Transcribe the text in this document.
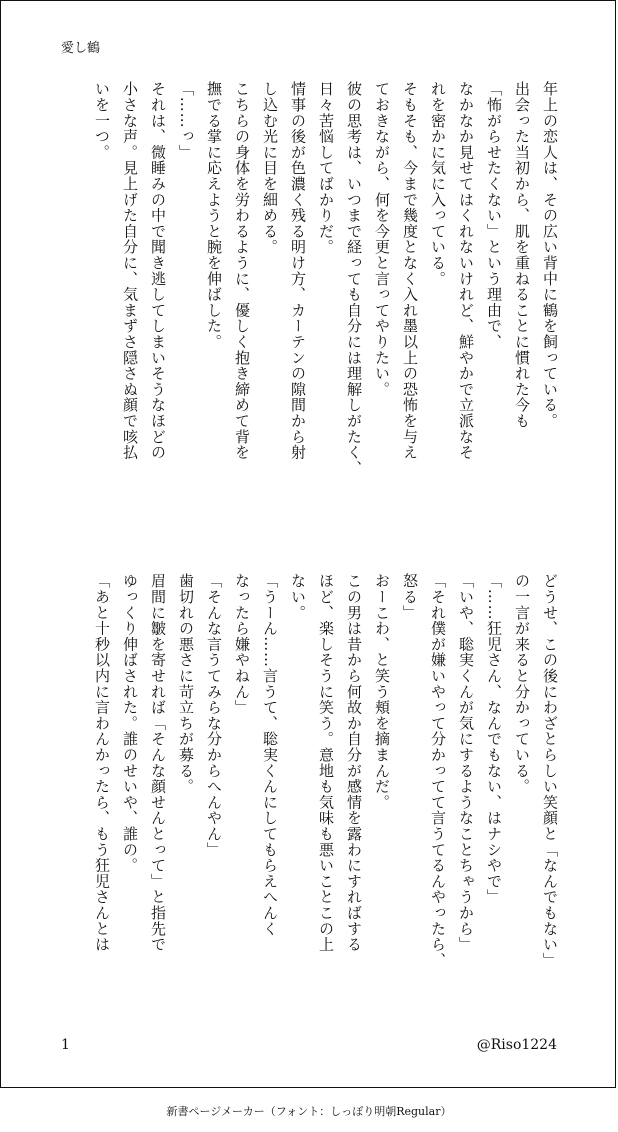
愛し鶴
年上の恋人は、その広い背中に鶴を飼っている。
出会った当初から、肌を重ねることに慣れた今も
「怖がらせたくない」という理由で、
なかなか見せてはくれないけれど、鮮やかで立派なそ
れを密かに気に入っている。
そもそも、今まで幾度となく入れ墨以上の恐怖を与え
ておきながら、何を今更と言ってやりたい。
彼の思考は、いつまで経っても自分には理解しがたく、
日々苦悩してばかりだ。
情事の後が色濃く残る明け方、カーテンの隙間から射
し込む光に目を細める。
こちらの身体を労わるように、優しく抱き締めて背を
撫でる掌に応えようと腕を伸ばした。
「……っ」
それは、微睡みの中で聞き逃してしまいそうなほどの
小さな声。見上げた自分に、気まずさ隠さぬ顔で咳払
いを一つ。
どうせ、この後にわざとらしい笑顔と「なんでもない」
の一言が来ると分かっている。
「……狂児さん、なんでもない、はナシやで」
「いや、聡実くんが気にするようなことちゃうから」
「それ僕が嫌いやって分かってて言うてるんやったら、
怒る」
おーこわ、と笑う頬を摘まんだ。
この男は昔から何故か自分が感情を露わにすればする
ほど、楽しそうに笑う。意地も気味も悪いことこの上
ない。
「うーん……言うて、聡実くんにしてもらえへんく
なったら嫌やねん」
「そんな言うてみらな分からへんやん」
歯切れの悪さに苛立ちが募る。
眉間に皺を寄せれば「そんな顔せんとって」と指先で
ゆっくり伸ばされた。誰のせいや、誰の。
「あと十秒以内に言わんかったら、もう狂児さんとは
1	@Riso1224
新書ページメーカー（フォント：しっぽり明朝Regular）
